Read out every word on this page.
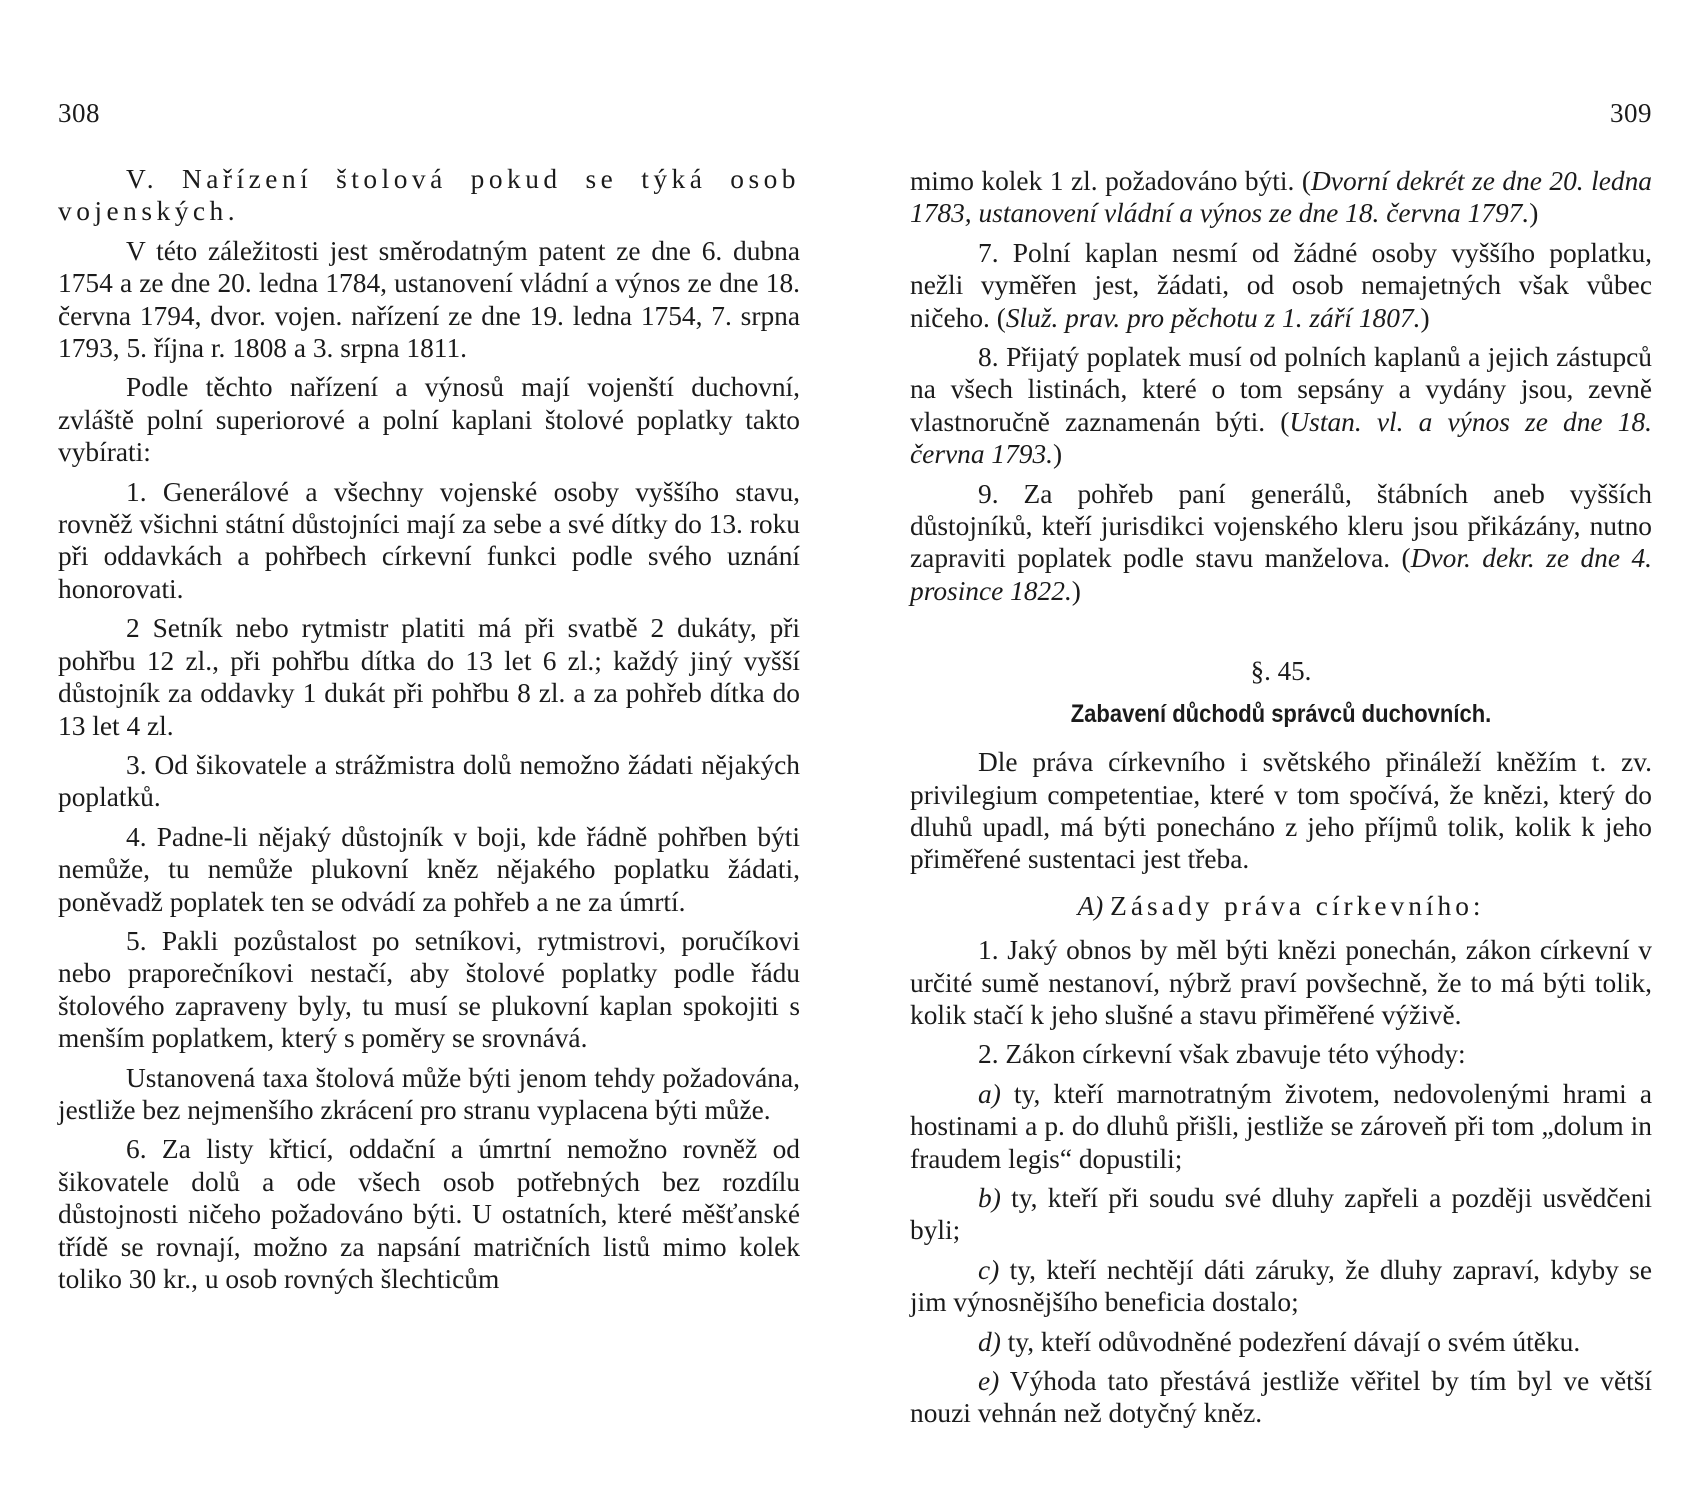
308

V. Nařízení štolová pokud se týká osob vojenských.

V této záležitosti jest směrodatným patent ze dne 6. dubna 1754 a ze dne 20. ledna 1784, ustanovení vládní a výnos ze dne 18. června 1794, dvor. vojen. nařízení ze dne 19. ledna 1754, 7. srpna 1793, 5. října r. 1808 a 3. srpna 1811.

Podle těchto nařízení a výnosů mají vojenští duchovní, zvláště polní superiorové a polní kaplani štolové poplatky takto vybírati:

1. Generálové a všechny vojenské osoby vyššího stavu, rovněž všichni státní důstojníci mají za sebe a své dítky do 13. roku při oddavkách a pohřbech církevní funkci podle svého uznání honorovati.

2 Setník nebo rytmistr platiti má při svatbě 2 dukáty, při pohřbu 12 zl., při pohřbu dítka do 13 let 6 zl.; každý jiný vyšší důstojník za oddavky 1 dukát při pohřbu 8 zl. a za pohřeb dítka do 13 let 4 zl.

3. Od šikovatele a strážmistra dolů nemožno žádati nějakých poplatků.

4. Padne-li nějaký důstojník v boji, kde řádně pohřben býti nemůže, tu nemůže plukovní kněz nějakého poplatku žádati, poněvadž poplatek ten se odvádí za pohřeb a ne za úmrtí.

5. Pakli pozůstalost po setníkovi, rytmistrovi, poručíkovi nebo praporečníkovi nestačí, aby štolové poplatky podle řádu štolového zapraveny byly, tu musí se plukovní kaplan spokojiti s menším poplatkem, který s poměry se srovnává.

Ustanovená taxa štolová může býti jenom tehdy požadována, jestliže bez nejmenšího zkrácení pro stranu vyplacena býti může.

6. Za listy křticí, oddační a úmrtní nemožno rovněž od šikovatele dolů a ode všech osob potřebných bez rozdílu důstojnosti ničeho požadováno býti. U ostatních, které měšťanské třídě se rovnají, možno za napsání matričních listů mimo kolek toliko 30 kr., u osob rovných šlechticům

309

mimo kolek 1 zl. požadováno býti. (Dvorní dekrét ze dne 20. ledna 1783, ustanovení vládní a výnos ze dne 18. června 1797.)

7. Polní kaplan nesmí od žádné osoby vyššího poplatku, nežli vyměřen jest, žádati, od osob nemajetných však vůbec ničeho. (Služ. prav. pro pěchotu z 1. září 1807.)

8. Přijatý poplatek musí od polních kaplanů a jejich zástupců na všech listinách, které o tom sepsány a vydány jsou, zevně vlastnoručně zaznamenán býti. (Ustan. vl. a výnos ze dne 18. června 1793.)

9. Za pohřeb paní generálů, štábních aneb vyšších důstojníků, kteří jurisdikci vojenského kleru jsou přikázány, nutno zapraviti poplatek podle stavu manželova. (Dvor. dekr. ze dne 4. prosince 1822.)

§. 45.

Zabavení důchodů správců duchovních.

Dle práva církevního i světského přináleží kněžím t. zv. privilegium competentiae, které v tom spočívá, že knězi, který do dluhů upadl, má býti ponecháno z jeho příjmů tolik, kolik k jeho přiměřené sustentaci jest třeba.

A) Zásady práva církevního:

1. Jaký obnos by měl býti knězi ponechán, zákon církevní v určité sumě nestanoví, nýbrž praví povšechně, že to má býti tolik, kolik stačí k jeho slušné a stavu přiměřené výživě.

2. Zákon církevní však zbavuje této výhody:

a) ty, kteří marnotratným životem, nedovolenými hrami a hostinami a p. do dluhů přišli, jestliže se zároveň při tom „dolum in fraudem legis“ dopustili;

b) ty, kteří při soudu své dluhy zapřeli a později usvědčeni byli;

c) ty, kteří nechtějí dáti záruky, že dluhy zapraví, kdyby se jim výnosnějšího beneficia dostalo;

d) ty, kteří odůvodněné podezření dávají o svém útěku.

e) Výhoda tato přestává jestliže věřitel by tím byl ve větší nouzi vehnán než dotyčný kněz.
